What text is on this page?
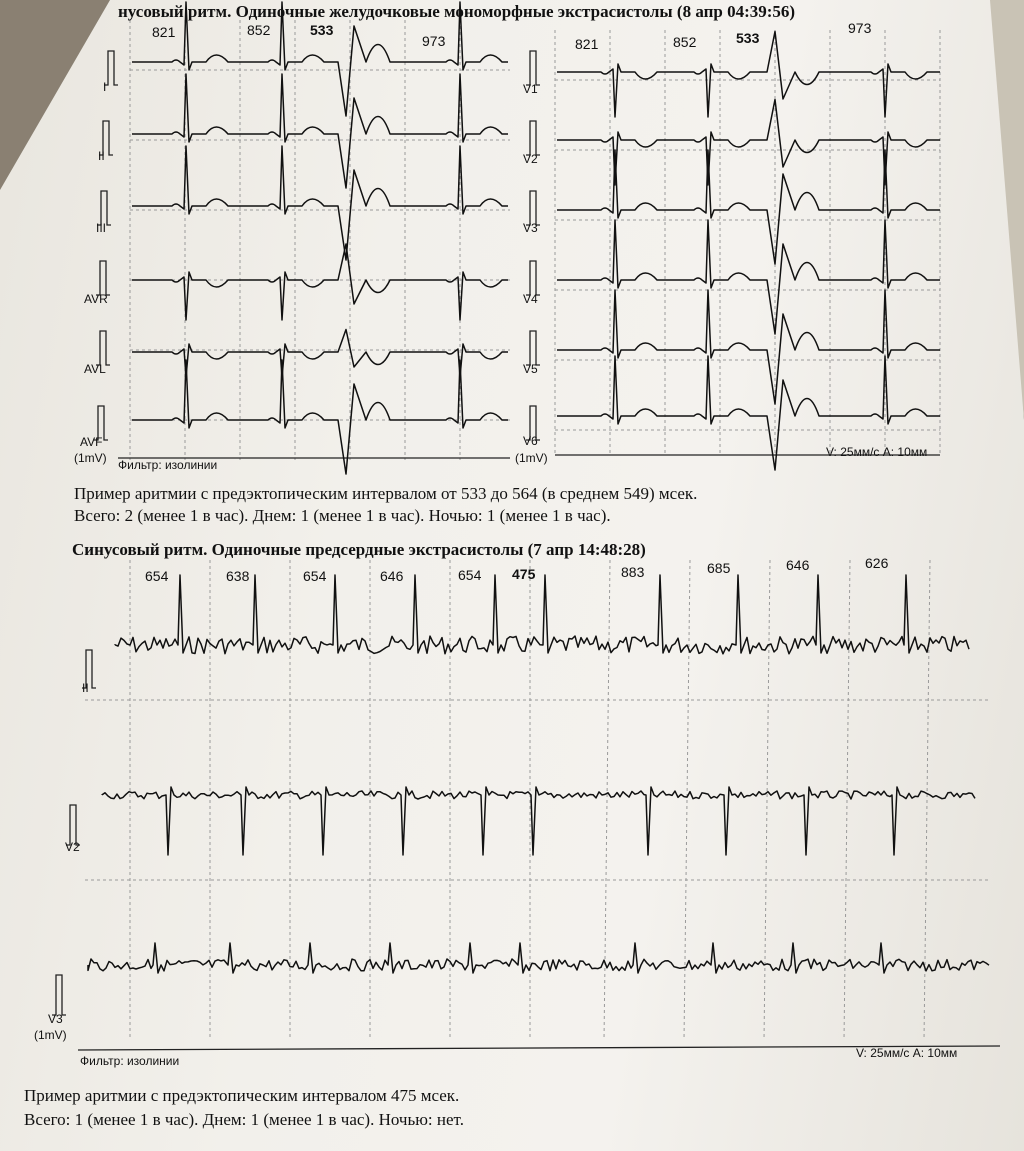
нусовый ритм. Одиночные желудочковые мономорфные экстрасистолы (8 апр 04:39:56)
821	852	533
973	821	852	533
973
I
II
III
AVR
AVL
AVF
(1mV)
V1
V2
V3
V4
V5
V6
(1mV)
Фильтр: изолинии
V: 25мм/с A: 10мм
Пример аритмии с предэктопическим интервалом от 533 до 564 (в среднем 549) мсек.
Всего: 2 (менее 1 в час). Днем: 1 (менее 1 в час). Ночью: 1 (менее 1 в час).
Синусовый ритм. Одиночные предсердные экстрасистолы (7 апр 14:48:28)
654	638	654	646	654 475	883	685	646	626
II
V2
V3
(1mV)
Фильтр: изолинии
V: 25мм/с A: 10мм
Пример аритмии с предэктопическим интервалом 475 мсек.
Всего: 1 (менее 1 в час). Днем: 1 (менее 1 в час). Ночью: нет.
